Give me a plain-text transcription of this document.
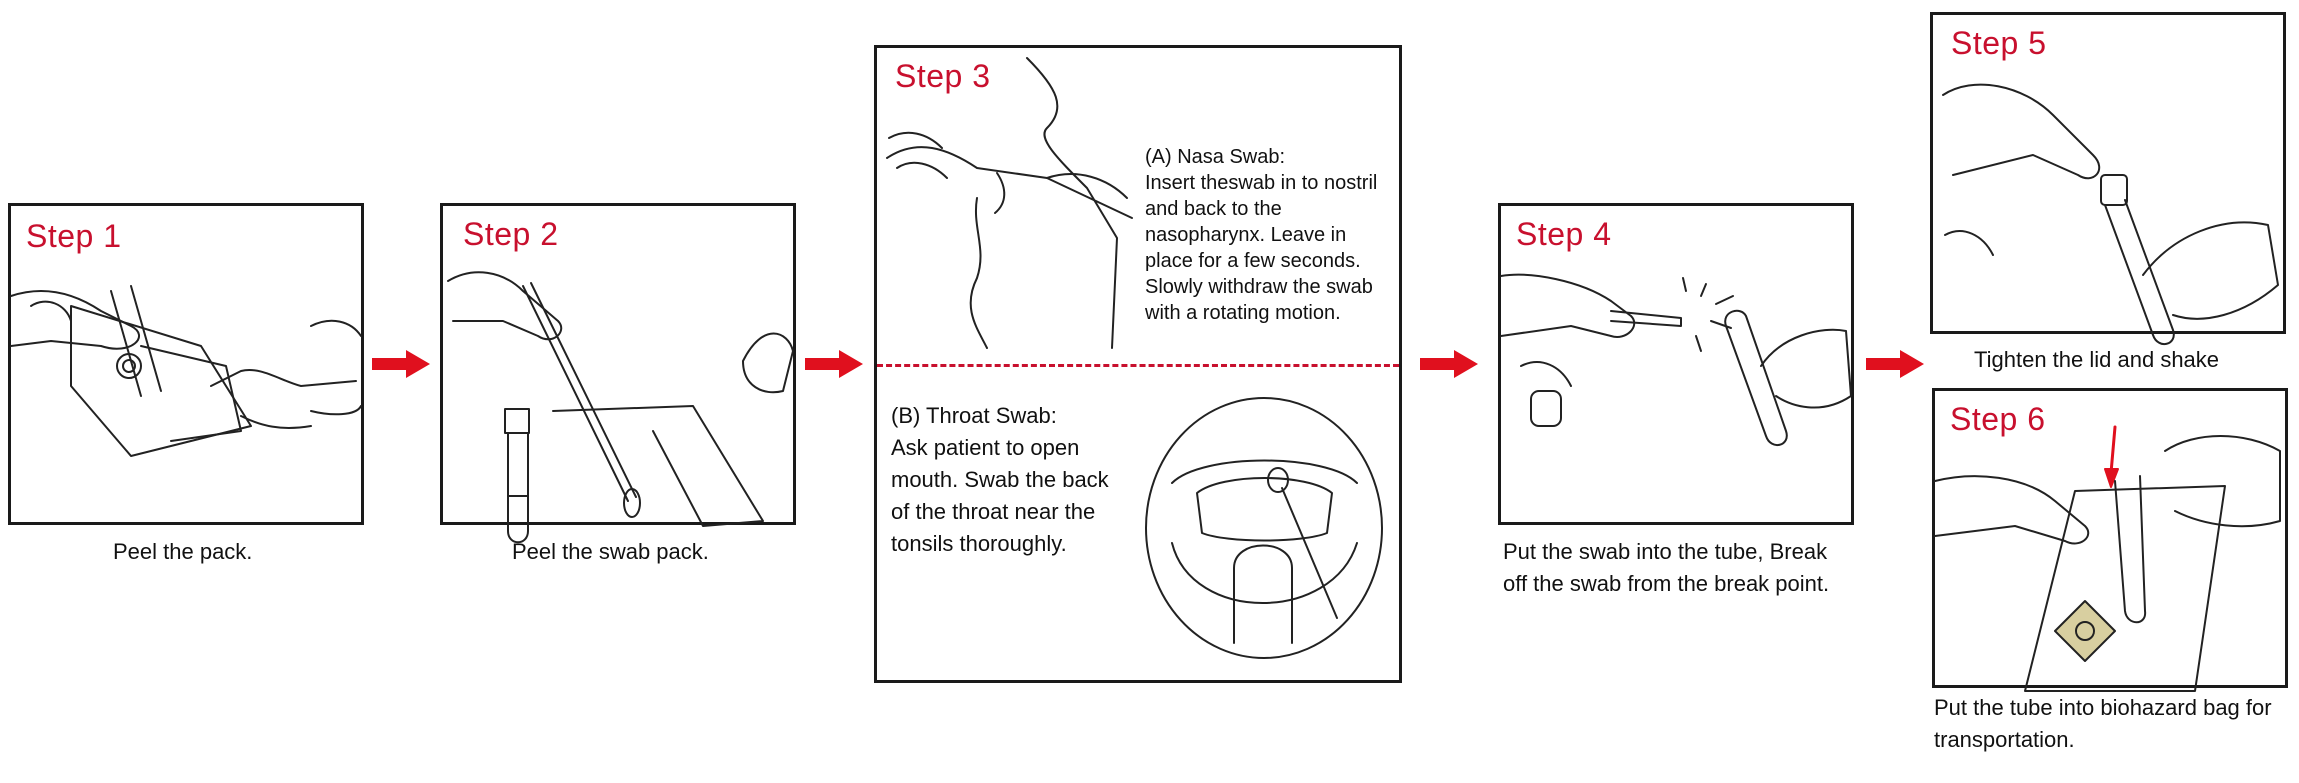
Step 1
Peel the pack.
Step 2
Peel the swab pack.
Step 3
(A) Nasa Swab:
Insert theswab in to nostril
and back to the
nasopharynx. Leave in
place for a few seconds.
Slowly withdraw the swab
with a rotating motion.
(B) Throat Swab:
Ask patient to open
mouth. Swab the back
of the throat near the
tonsils thoroughly.
Step 4
Put the swab into the tube, Break
off the swab from the break point.
Step 5
Tighten the lid and shake
Step 6
Put the tube into biohazard bag for
transportation.
